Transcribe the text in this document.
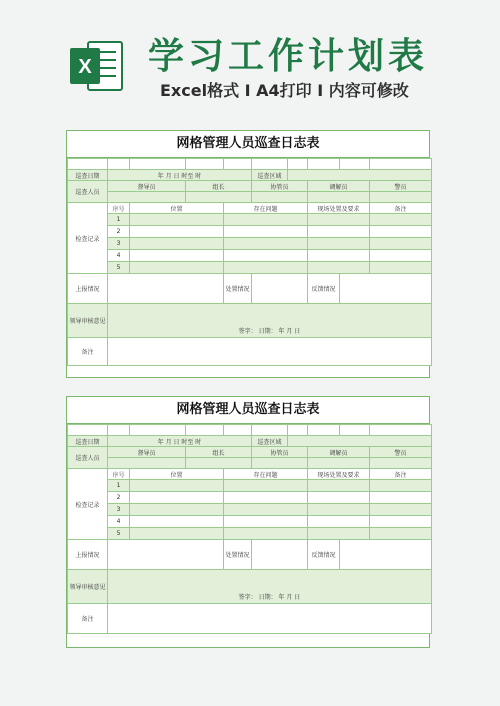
X 学习工作计划表
Excel格式 I A4打印 I 内容可修改
网格管理人员巡查日志表

巡查日期	年 月 日 时至 时				巡查区域				
巡查人员	督导员		组长		协管员		调解员		警员

检查记录	序号	位置		存在问题			现场处置及要求		备注
	1								
	2								
	3								
	4								
	5								
上报情况				处置情况			反馈情况		
领导审核意见	签字： 日期： 年 月 日								
备注									
网格管理人员巡查日志表

巡查日期	年 月 日 时至 时				巡查区域				
巡查人员	督导员		组长		协管员		调解员		警员

检查记录	序号	位置		存在问题			现场处置及要求		备注
	1								
	2								
	3								
	4								
	5								
上报情况				处置情况			反馈情况		
领导审核意见	签字： 日期： 年 月 日								
备注									
